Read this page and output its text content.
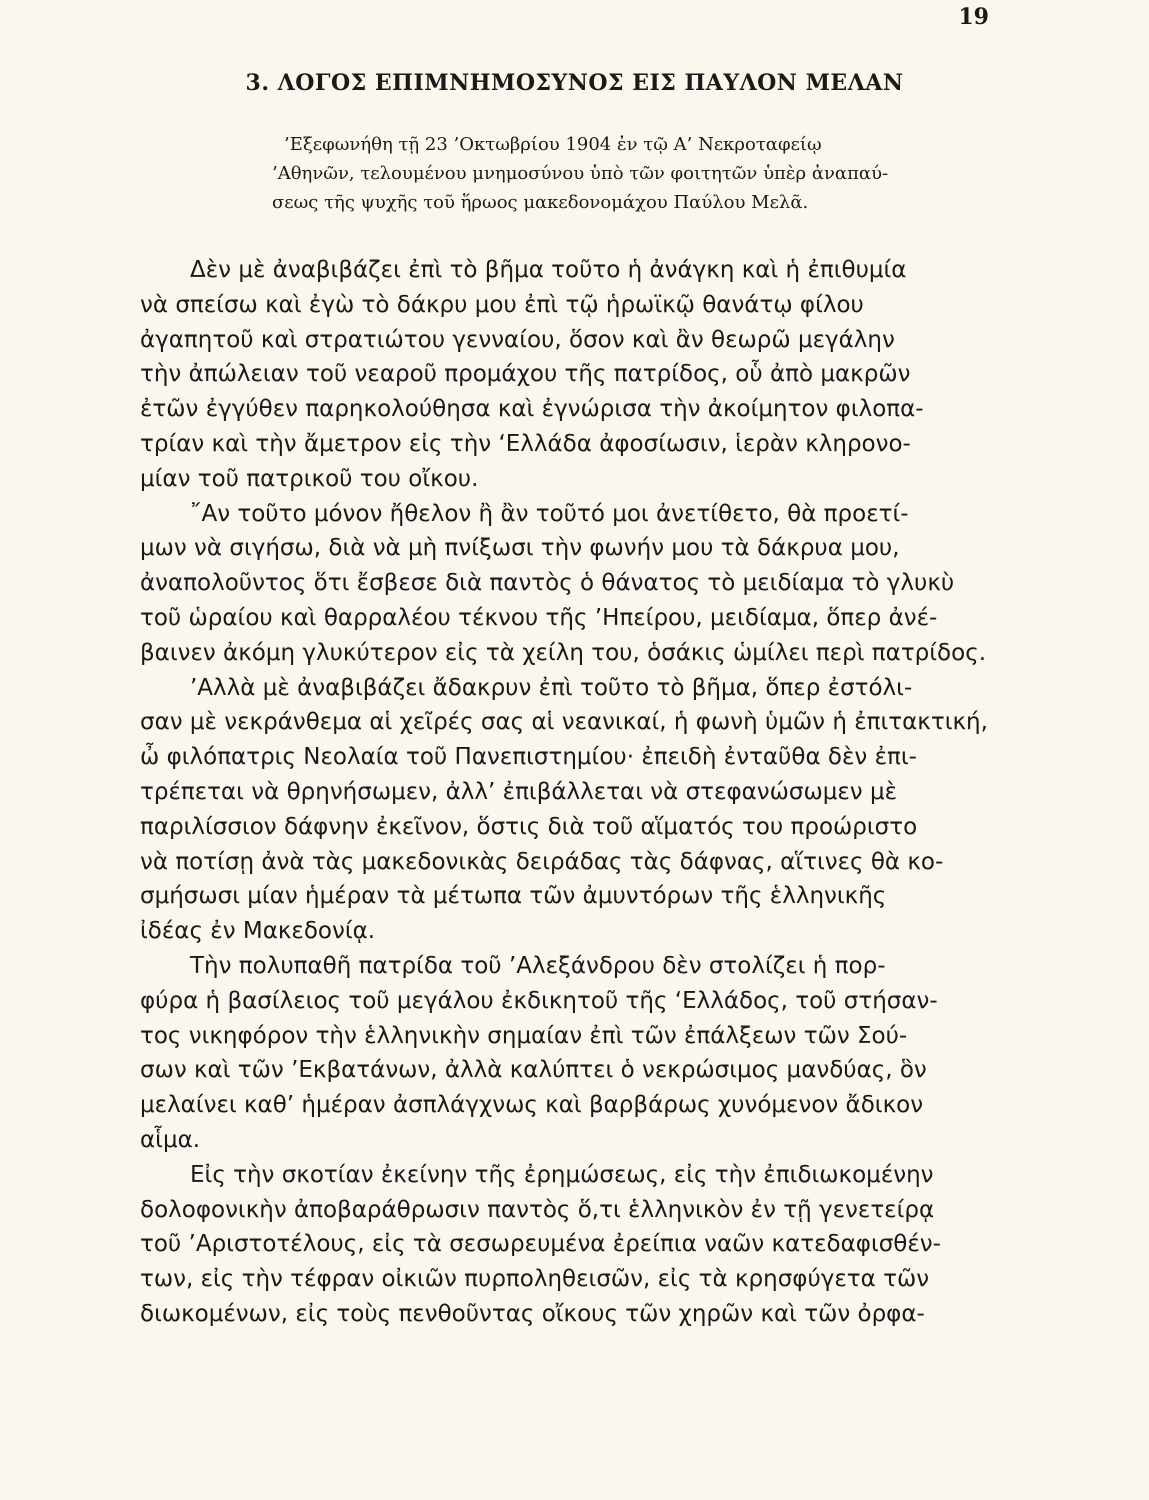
19
3. ΛΟΓΟΣ ΕΠΙΜΝΗΜΟΣΥΝΟΣ ΕΙΣ ΠΑΥΛΟΝ ΜΕΛΑΝ
’Εξεφωνήθη τῇ 23 ’Οκτωβρίου 1904 ἐν τῷ Α’ Νεκροταφείῳ
’Αθηνῶν, τελουμένου μνημοσύνου ὑπὸ τῶν φοιτητῶν ὑπὲρ ἀναπαύ-
σεως τῆς ψυχῆς τοῦ ἥρωος μακεδονομάχου Παύλου Μελᾶ.
Δὲν μὲ ἀναβιβάζει ἐπὶ τὸ βῆμα τοῦτο ἡ ἀνάγκη καὶ ἡ ἐπιθυμία
νὰ σπείσω καὶ ἐγὼ τὸ δάκρυ μου ἐπὶ τῷ ἡρωϊκῷ θανάτῳ φίλου
ἀγαπητοῦ καὶ στρατιώτου γενναίου, ὅσον καὶ ἂν θεωρῶ μεγάλην
τὴν ἀπώλειαν τοῦ νεαροῦ προμάχου τῆς πατρίδος, οὗ ἀπὸ μακρῶν
ἐτῶν ἐγγύθεν παρηκολούθησα καὶ ἐγνώρισα τὴν ἀκοίμητον φιλοπα-
τρίαν καὶ τὴν ἄμετρον εἰς τὴν ‘Ελλάδα ἀφοσίωσιν, ἱερὰν κληρονο-
μίαν τοῦ πατρικοῦ του οἴκου.
῎Αν τοῦτο μόνον ἤθελον ἢ ἂν τοῦτό μοι ἀνετίθετο, θὰ προετί-
μων νὰ σιγήσω, διὰ νὰ μὴ πνίξωσι τὴν φωνήν μου τὰ δάκρυα μου,
ἀναπολοῦντος ὅτι ἔσβεσε διὰ παντὸς ὁ θάνατος τὸ μειδίαμα τὸ γλυκὺ
τοῦ ὡραίου καὶ θαρραλέου τέκνου τῆς ’Ηπείρου, μειδίαμα, ὅπερ ἀνέ-
βαινεν ἀκόμη γλυκύτερον εἰς τὰ χείλη του, ὁσάκις ὡμίλει περὶ πατρίδος.
’Αλλὰ μὲ ἀναβιβάζει ἄδακρυν ἐπὶ τοῦτο τὸ βῆμα, ὅπερ ἐστόλι-
σαν μὲ νεκράνθεμα αἱ χεῖρές σας αἱ νεανικαί, ἡ φωνὴ ὑμῶν ἡ ἐπιτακτική,
ὦ φιλόπατρις Νεολαία τοῦ Πανεπιστημίου· ἐπειδὴ ἐνταῦθα δὲν ἐπι-
τρέπεται νὰ θρηνήσωμεν, ἀλλ’ ἐπιβάλλεται νὰ στεφανώσωμεν μὲ
παριλίσσιον δάφνην ἐκεῖνον, ὅστις διὰ τοῦ αἵματός του προώριστο
νὰ ποτίσῃ ἀνὰ τὰς μακεδονικὰς δειράδας τὰς δάφνας, αἵτινες θὰ κο-
σμήσωσι μίαν ἡμέραν τὰ μέτωπα τῶν ἀμυντόρων τῆς ἑλληνικῆς
ἰδέας ἐν Μακεδονίᾳ.
Τὴν πολυπαθῆ πατρίδα τοῦ ’Αλεξάνδρου δὲν στολίζει ἡ πορ-
φύρα ἡ βασίλειος τοῦ μεγάλου ἐκδικητοῦ τῆς ‘Ελλάδος, τοῦ στήσαν-
τος νικηφόρον τὴν ἑλληνικὴν σημαίαν ἐπὶ τῶν ἐπάλξεων τῶν Σού-
σων καὶ τῶν ’Εκβατάνων, ἀλλὰ καλύπτει ὁ νεκρώσιμος μανδύας, ὃν
μελαίνει καθ’ ἡμέραν ἀσπλάγχνως καὶ βαρβάρως χυνόμενον ἄδικον
αἷμα.
Εἰς τὴν σκοτίαν ἐκείνην τῆς ἐρημώσεως, εἰς τὴν ἐπιδιωκομένην
δολοφονικὴν ἀποβαράθρωσιν παντὸς ὅ,τι ἑλληνικὸν ἐν τῇ γενετείρᾳ
τοῦ ’Αριστοτέλους, εἰς τὰ σεσωρευμένα ἐρείπια ναῶν κατεδαφισθέν-
των, εἰς τὴν τέφραν οἰκιῶν πυρποληθεισῶν, εἰς τὰ κρησφύγετα τῶν
διωκομένων, εἰς τοὺς πενθοῦντας οἴκους τῶν χηρῶν καὶ τῶν ὀρφα-
